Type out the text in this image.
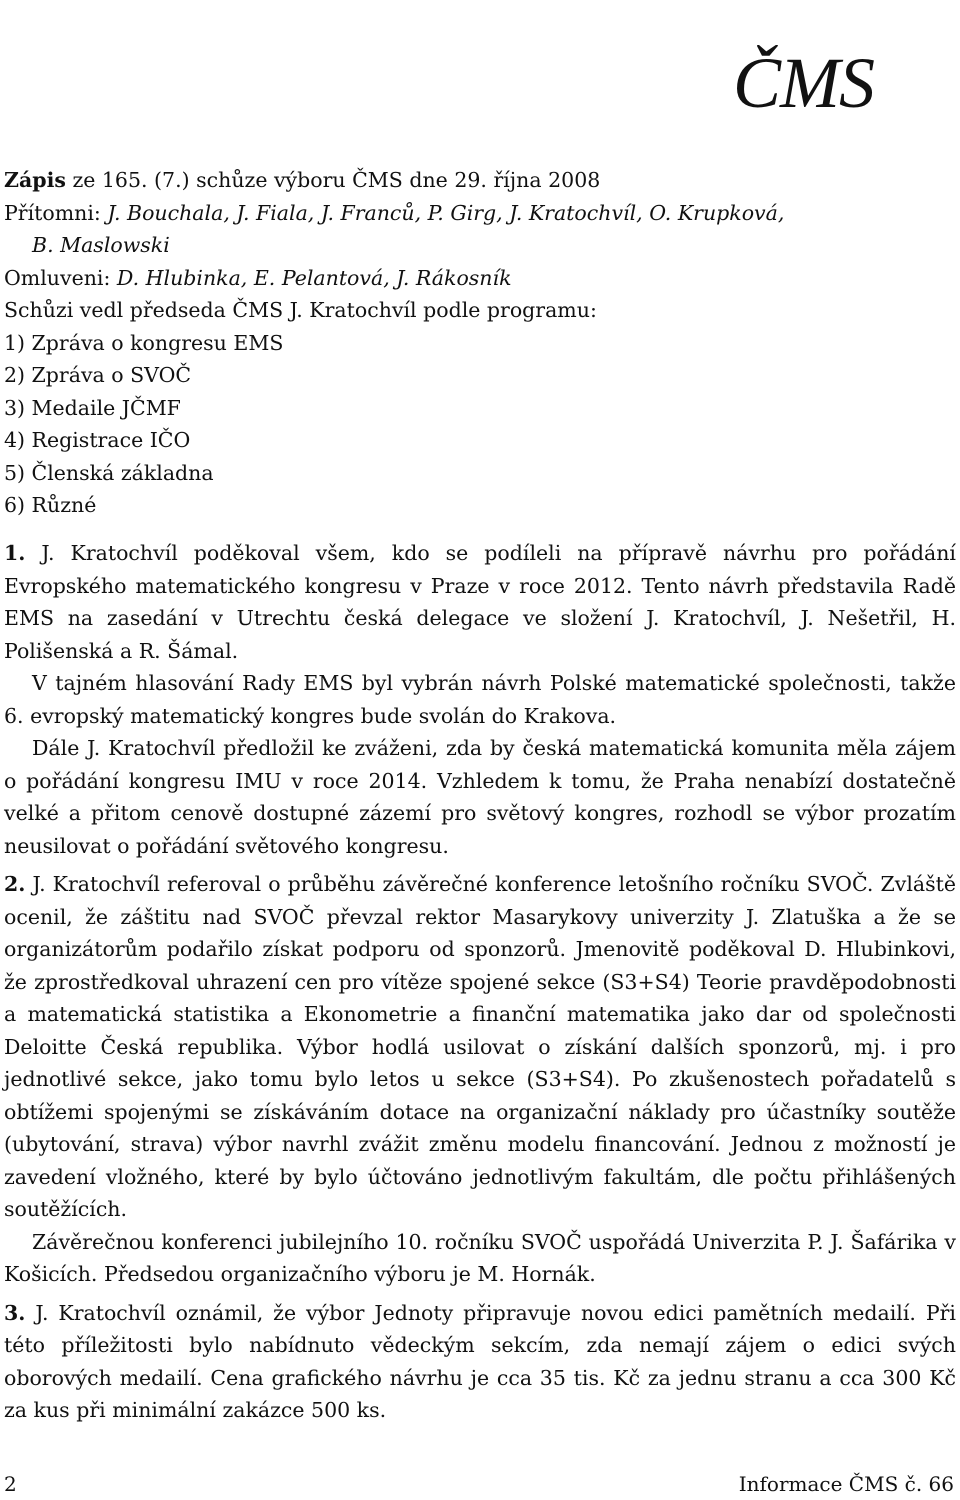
ČMS
Zápis ze 165. (7.) schůze výboru ČMS dne 29. října 2008
Přítomni: J. Bouchala, J. Fiala, J. Franců, P. Girg, J. Kratochvíl, O. Krupková,
B. Maslowski
Omluveni: D. Hlubinka, E. Pelantová, J. Rákosník
Schůzi vedl předseda ČMS J. Kratochvíl podle programu:
1) Zpráva o kongresu EMS
2) Zpráva o SVOČ
3) Medaile JČMF
4) Registrace IČO
5) Členská základna
6) Různé

1. J. Kratochvíl poděkoval všem, kdo se podíleli na přípravě návrhu pro pořádání Evropského matematického kongresu v Praze v roce 2012. Tento návrh představila Radě EMS na zasedání v Utrechtu česká delegace ve složení J. Kratochvíl, J. Nešetřil, H. Polišenská a R. Šámal.

V tajném hlasování Rady EMS byl vybrán návrh Polské matematické společnosti, takže 6. evropský matematický kongres bude svolán do Krakova.

Dále J. Kratochvíl předložil ke zváženi, zda by česká matematická komunita měla zájem o pořádání kongresu IMU v roce 2014. Vzhledem k tomu, že Praha nenabízí dostatečně velké a přitom cenově dostupné zázemí pro světový kongres, rozhodl se výbor prozatím neusilovat o pořádání světového kongresu.

2. J. Kratochvíl referoval o průběhu závěrečné konference letošního ročníku SVOČ. Zvláště ocenil, že záštitu nad SVOČ převzal rektor Masarykovy univerzity J. Zlatuška a že se organizátorům podařilo získat podporu od sponzorů. Jmenovitě poděkoval D. Hlubinkovi, že zprostředkoval uhrazení cen pro vítěze spojené sekce (S3+S4) Teorie pravděpodobnosti a matematická statistika a Ekonometrie a finanční matematika jako dar od společnosti Deloitte Česká republika. Výbor hodlá usilovat o získání dalších sponzorů, mj. i pro jednotlivé sekce, jako tomu bylo letos u sekce (S3+S4). Po zkušenostech pořadatelů s obtížemi spojenými se získáváním dotace na organizační náklady pro účastníky soutěže (ubytování, strava) výbor navrhl zvážit změnu modelu financování. Jednou z možností je zavedení vložného, které by bylo účtováno jednotlivým fakultám, dle počtu přihlášených soutěžících.

Závěrečnou konferenci jubilejního 10. ročníku SVOČ uspořádá Univerzita P. J. Šafárika v Košicích. Předsedou organizačního výboru je M. Hornák.

3. J. Kratochvíl oznámil, že výbor Jednoty připravuje novou edici pamětních medailí. Při této příležitosti bylo nabídnuto vědeckým sekcím, zda nemají zájem o edici svých oborových medailí. Cena grafického návrhu je cca 35 tis. Kč za jednu stranu a cca 300 Kč za kus při minimální zakázce 500 ks.

2	Informace ČMS č. 66
